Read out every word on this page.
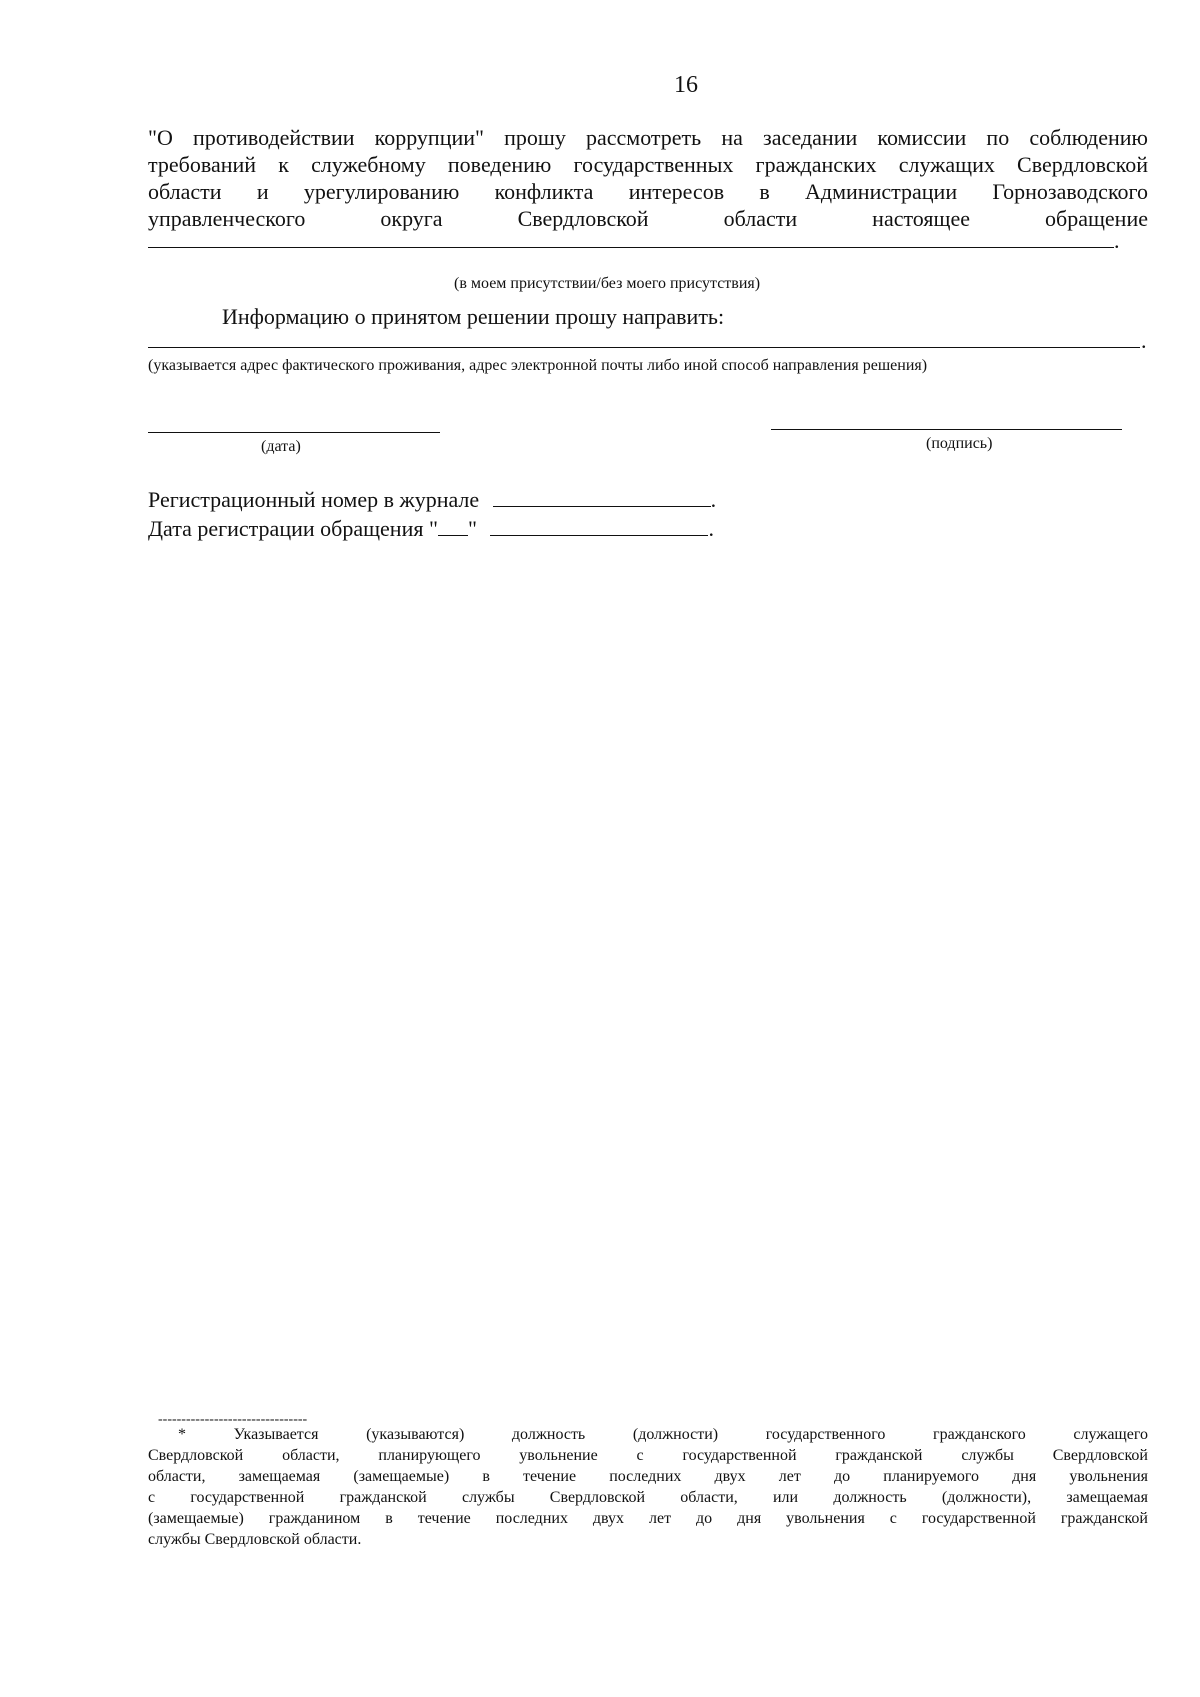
16
"О противодействии коррупции" прошу рассмотреть на заседании комиссии по соблюдению
требований к служебному поведению государственных гражданских служащих Свердловской
области и урегулированию конфликта интересов в Администрации Горнозаводского
управленческого округа Свердловской области настоящее обращение
.
(в моем присутствии/без моего присутствия)
Информацию о принятом решении прошу направить:
.
(указывается адрес фактического проживания, адрес электронной почты либо иной способ направления решения)
(дата)	(подпись)
Регистрационный номер в журнале	.
Дата регистрации обращения " "	.
--------------------------------
* Указывается (указываются) должность (должности) государственного гражданского служащего
Свердловской области, планирующего увольнение с государственной гражданской службы Свердловской
области, замещаемая (замещаемые) в течение последних двух лет до планируемого дня увольнения
с государственной гражданской службы Свердловской области, или должность (должности), замещаемая
(замещаемые) гражданином в течение последних двух лет до дня увольнения с государственной гражданской
службы Свердловской области.
